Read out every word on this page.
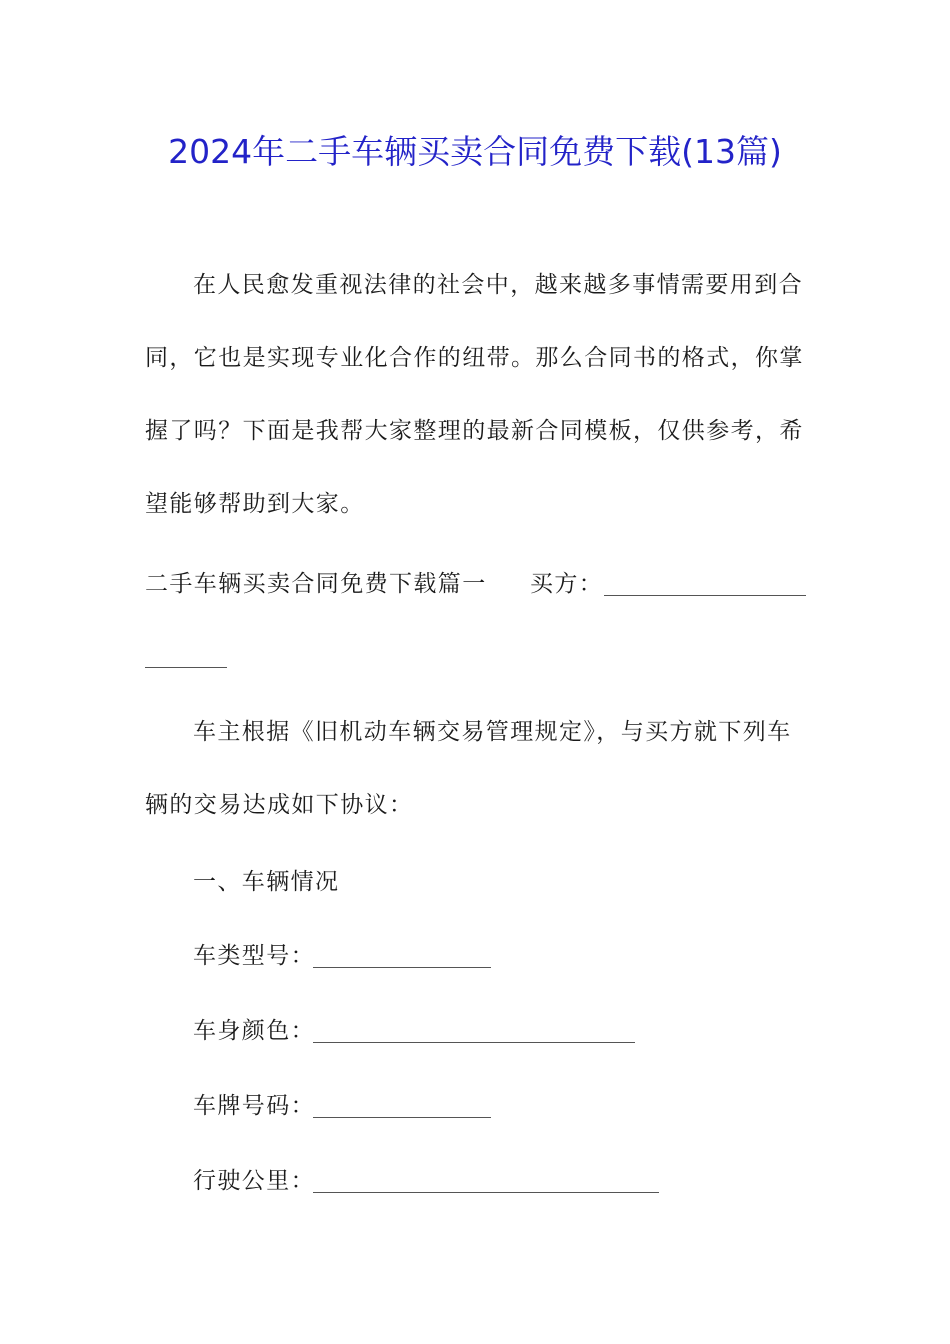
2024年二手车辆买卖合同免费下载(13篇)

在人民愈发重视法律的社会中，越来越多事情需要用到合同，它也是实现专业化合作的纽带。那么合同书的格式，你掌握了吗？下面是我帮大家整理的最新合同模板，仅供参考，希望能够帮助到大家。

二手车辆买卖合同免费下载篇一 买方：

车主根据《旧机动车辆交易管理规定》，与买方就下列车辆的交易达成如下协议：

一、车辆情况
车类型号：
车身颜色：
车牌号码：
行驶公里：
